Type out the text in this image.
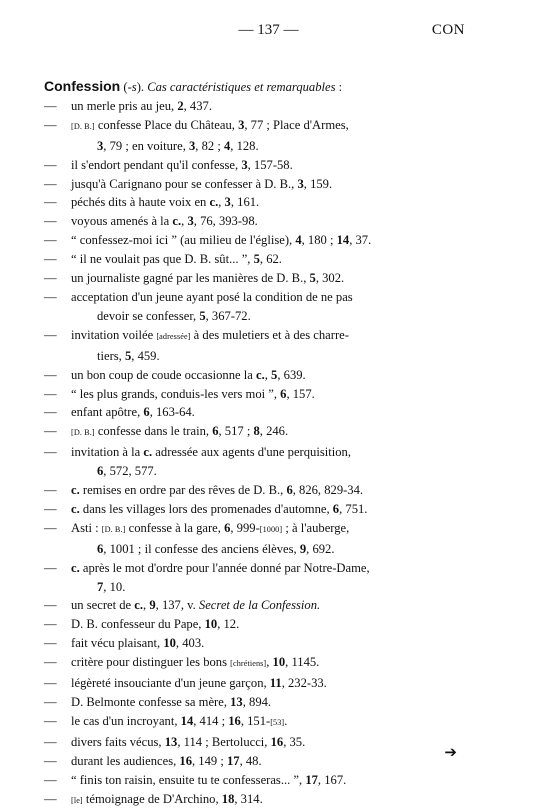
— 137 —	CON

Confession (-s). Cas caractéristiques et remarquables :

— un merle pris au jeu, 2, 437.

— [D. B.] confesse Place du Château, 3, 77 ; Place d'Armes,
3, 79 ; en voiture, 3, 82 ; 4, 128.

— il s'endort pendant qu'il confesse, 3, 157-58.

— jusqu'à Carignano pour se confesser à D. B., 3, 159.

— péchés dits à haute voix en c., 3, 161.

— voyous amenés à la c., 3, 76, 393-98.

— “ confessez-moi ici ” (au milieu de l'église), 4, 180 ; 14, 37.

— “ il ne voulait pas que D. B. sût... ”, 5, 62.

— un journaliste gagné par les manières de D. B., 5, 302.

— acceptation d'un jeune ayant posé la condition de ne pas
devoir se confesser, 5, 367-72.

— invitation voilée [adressée] à des muletiers et à des charre-
tiers, 5, 459.

— un bon coup de coude occasionne la c., 5, 639.

— “ les plus grands, conduis-les vers moi ”, 6, 157.

— enfant apôtre, 6, 163-64.

— [D. B.] confesse dans le train, 6, 517 ; 8, 246.

— invitation à la c. adressée aux agents d'une perquisition,
6, 572, 577.

— c. remises en ordre par des rêves de D. B., 6, 826, 829-34.

— c. dans les villages lors des promenades d'automne, 6, 751.

— Asti : [D. B.] confesse à la gare, 6, 999-[1000] ; à l'auberge,
6, 1001 ; il confesse des anciens élèves, 9, 692.

— c. après le mot d'ordre pour l'année donné par Notre-Dame,
7, 10.

— un secret de c., 9, 137, v. Secret de la Confession.

— D. B. confesseur du Pape, 10, 12.

— fait vécu plaisant, 10, 403.

— critère pour distinguer les bons [chrétiens], 10, 1145.

— légèreté insouciante d'un jeune garçon, 11, 232-33.

— D. Belmonte confesse sa mère, 13, 894.

— le cas d'un incroyant, 14, 414 ; 16, 151-[53].

— divers faits vécus, 13, 114 ; Bertolucci, 16, 35.

— durant les audiences, 16, 149 ; 17, 48.

— “ finis ton raisin, ensuite tu te confesseras... ”, 17, 167.

— [le] témoignage de D'Archino, 18, 314.

➔
